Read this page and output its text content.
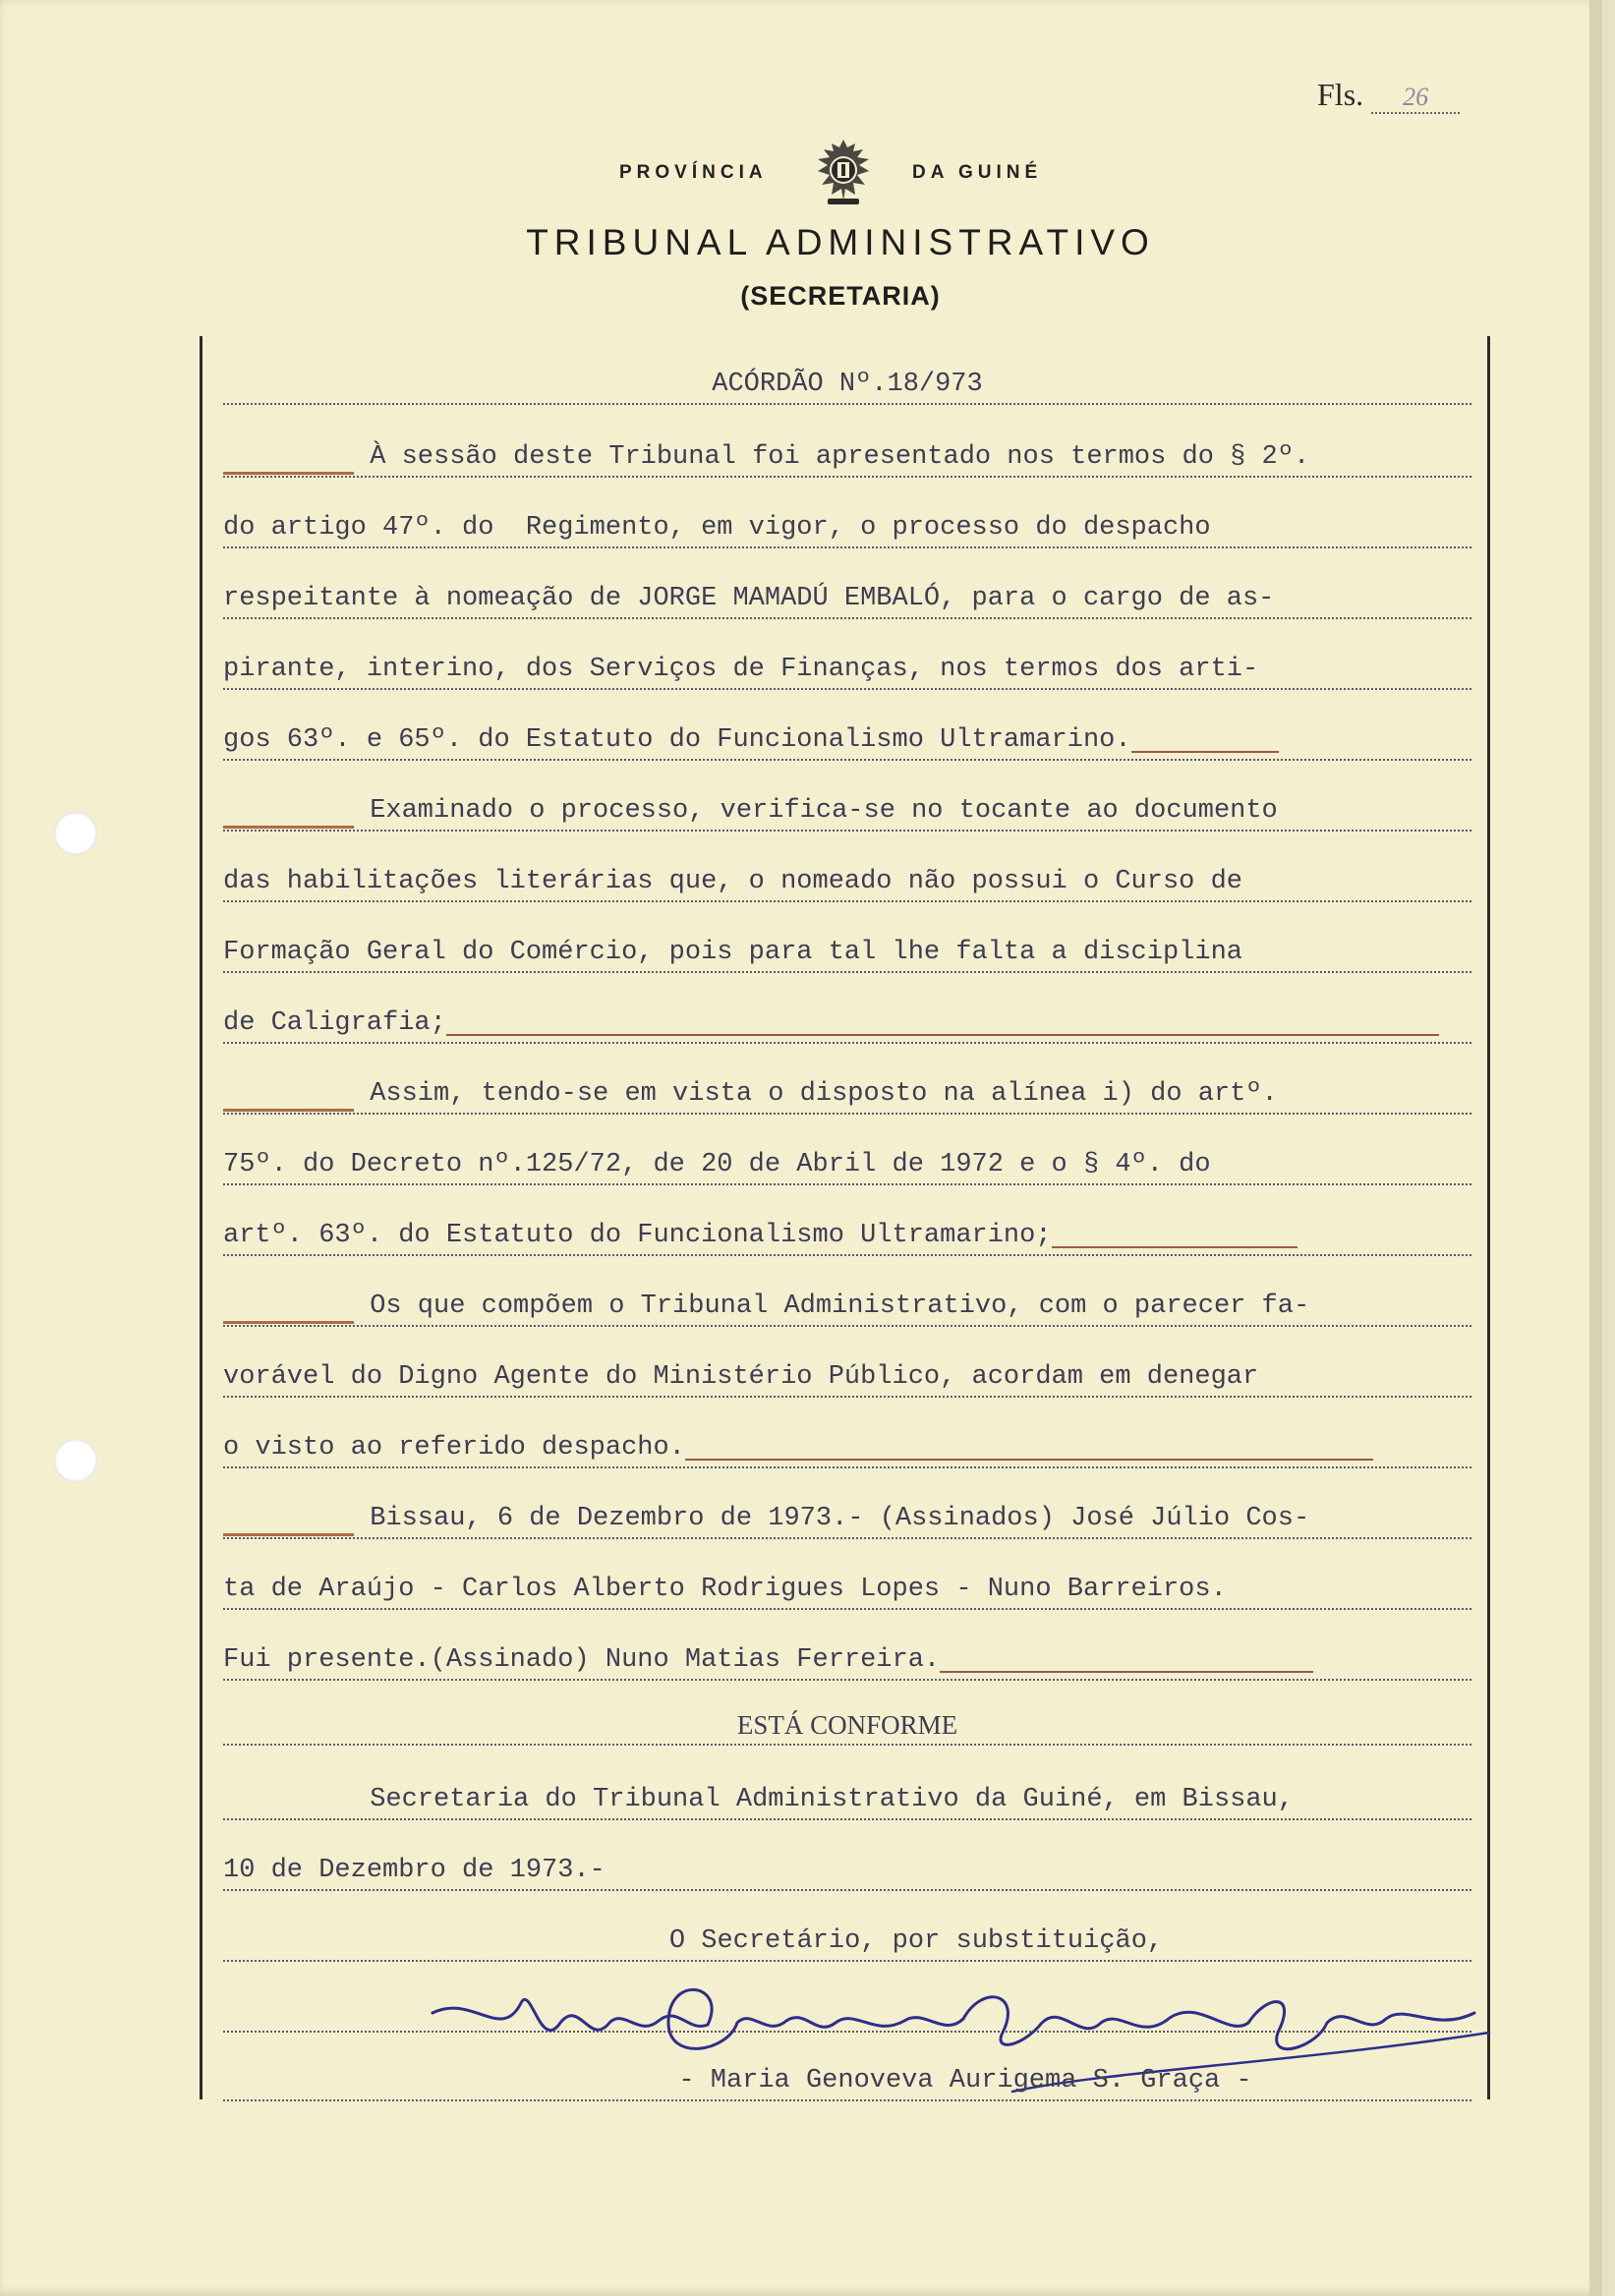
Fls. 26
PROVÍNCIA	DA GUINÉ
TRIBUNAL ADMINISTRATIVO
(SECRETARIA)
ACÓRDÃO Nº.18/973
À sessão deste Tribunal foi apresentado nos termos do § 2º.
do artigo 47º. do  Regimento, em vigor, o processo do despacho
respeitante à nomeação de JORGE MAMADÚ EMBALÓ, para o cargo de as-
pirante, interino, dos Serviços de Finanças, nos termos dos arti-
gos 63º. e 65º. do Estatuto do Funcionalismo Ultramarino.
Examinado o processo, verifica-se no tocante ao documento
das habilitações literárias que, o nomeado não possui o Curso de
Formação Geral do Comércio, pois para tal lhe falta a disciplina
de Caligrafia;
Assim, tendo-se em vista o disposto na alínea i) do artº.
75º. do Decreto nº.125/72, de 20 de Abril de 1972 e o § 4º. do
artº. 63º. do Estatuto do Funcionalismo Ultramarino;
Os que compõem o Tribunal Administrativo, com o parecer fa-
vorável do Digno Agente do Ministério Público, acordam em denegar
o visto ao referido despacho.
Bissau, 6 de Dezembro de 1973.- (Assinados) José Júlio Cos-
ta de Araújo - Carlos Alberto Rodrigues Lopes - Nuno Barreiros.
Fui presente.(Assinado) Nuno Matias Ferreira.
ESTÁ CONFORME
Secretaria do Tribunal Administrativo da Guiné, em Bissau,
10 de Dezembro de 1973.-
O Secretário, por substituição,
- Maria Genoveva Aurigema S. Graça -
